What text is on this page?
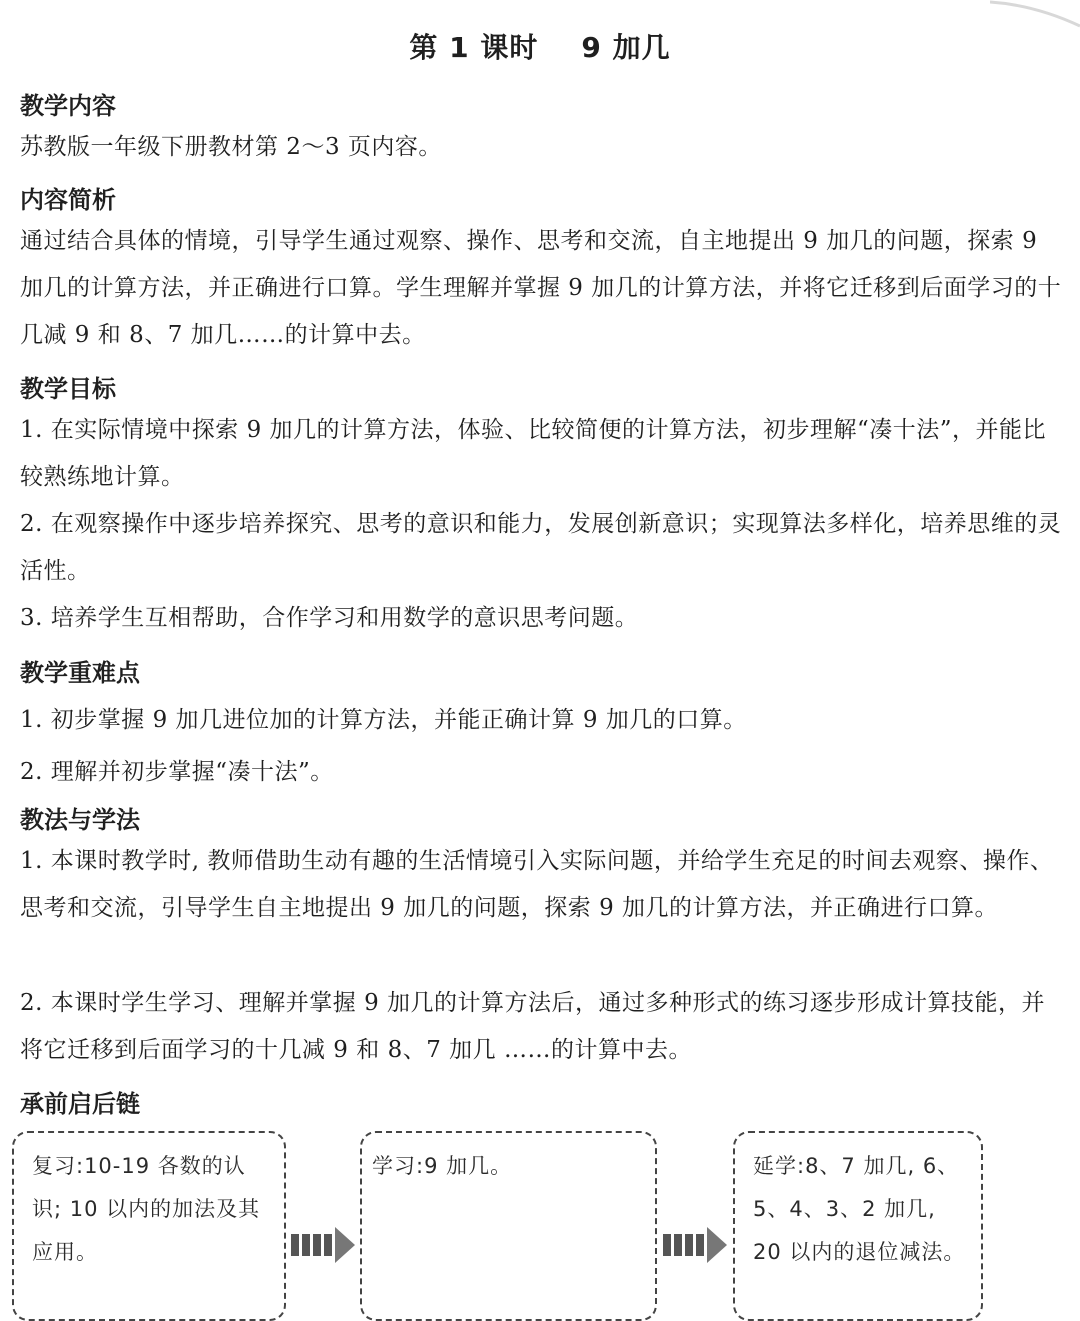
第 1 课时    9 加几
教学内容
苏教版一年级下册教材第 2～3 页内容。
内容简析
通过结合具体的情境，引导学生通过观察、操作、思考和交流，自主地提出 9 加几的问题，探索 9 加几的计算方法，并正确进行口算。学生理解并掌握 9 加几的计算方法，并将它迁移到后面学习的十几减 9 和 8、7 加几……的计算中去。
教学目标
1. 在实际情境中探索 9 加几的计算方法，体验、比较简便的计算方法，初步理解“凑十法”，并能比较熟练地计算。
2. 在观察操作中逐步培养探究、思考的意识和能力，发展创新意识；实现算法多样化，培养思维的灵活性。
3. 培养学生互相帮助，合作学习和用数学的意识思考问题。
教学重难点
1. 初步掌握 9 加几进位加的计算方法，并能正确计算 9 加几的口算。
2. 理解并初步掌握“凑十法”。
教法与学法
1. 本课时教学时, 教师借助生动有趣的生活情境引入实际问题，并给学生充足的时间去观察、操作、思考和交流，引导学生自主地提出 9 加几的问题，探索 9 加几的计算方法，并正确进行口算。
2. 本课时学生学习、理解并掌握 9 加几的计算方法后，通过多种形式的练习逐步形成计算技能，并将它迁移到后面学习的十几减 9 和 8、7 加几 ……的计算中去。
承前启后链
复习:10-19 各数的认识; 10 以内的加法及其应用。
学习:9 加几。	延学:8、7 加几, 6、5、4、3、2 加几, 20 以内的退位减法。
